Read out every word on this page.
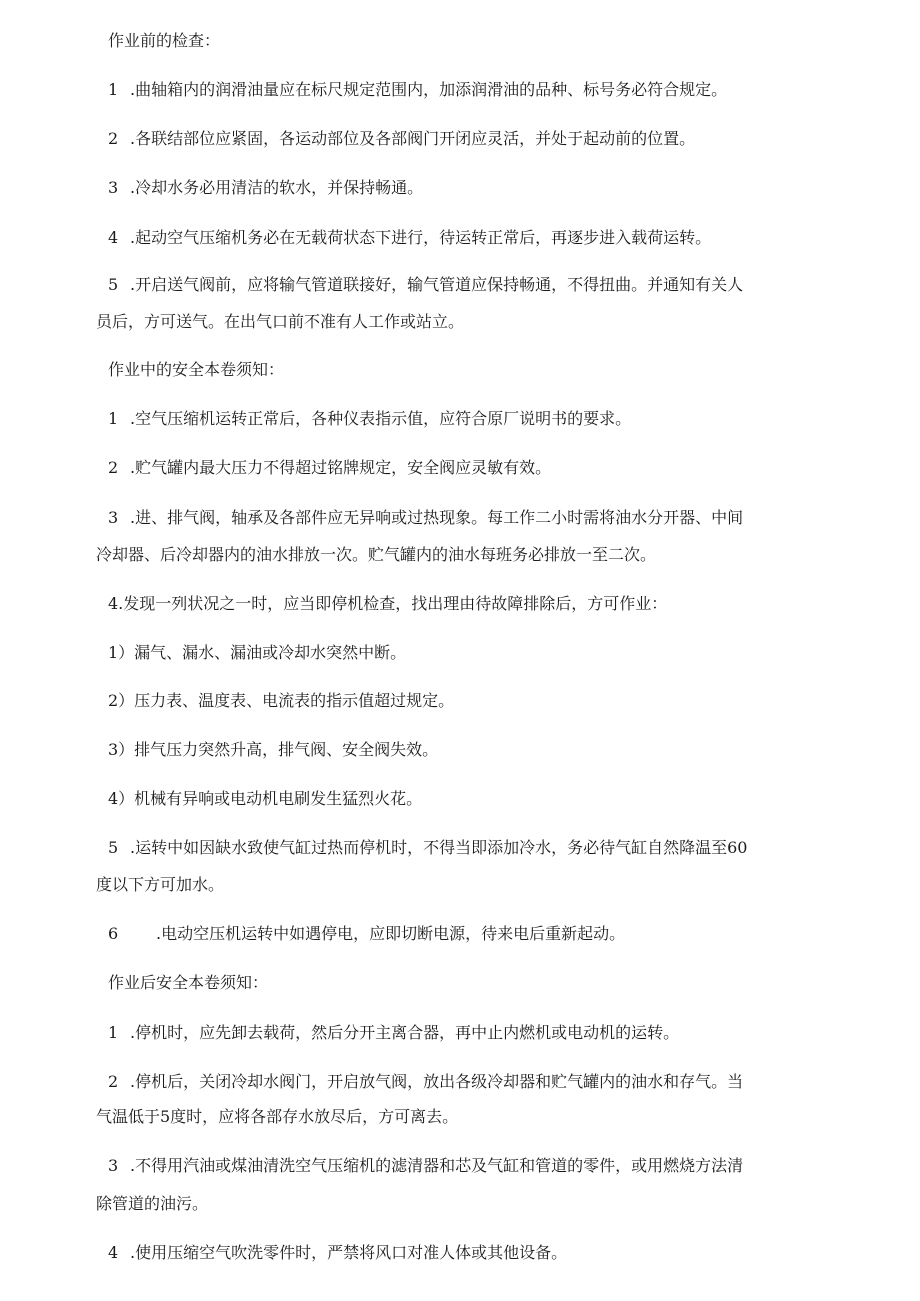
作业前的检查：
1 .曲轴箱内的润滑油量应在标尺规定范围内，加添润滑油的品种、标号务必符合规定。
2 .各联结部位应紧固，各运动部位及各部阀门开闭应灵活，并处于起动前的位置。
3 .冷却水务必用清洁的软水，并保持畅通。
4 .起动空气压缩机务必在无载荷状态下进行，待运转正常后，再逐步进入载荷运转。
5 .开启送气阀前，应将输气管道联接好，输气管道应保持畅通，不得扭曲。并通知有关人
员后，方可送气。在出气口前不准有人工作或站立。
作业中的安全本卷须知：
1 .空气压缩机运转正常后，各种仪表指示值，应符合原厂说明书的要求。
2 .贮气罐内最大压力不得超过铭牌规定，安全阀应灵敏有效。
3 .进、排气阀，轴承及各部件应无异响或过热现象。每工作二小时需将油水分开器、中间
冷却器、后冷却器内的油水排放一次。贮气罐内的油水每班务必排放一至二次。
4.发现一列状况之一时，应当即停机检查，找出理由待故障排除后，方可作业：
1）漏气、漏水、漏油或冷却水突然中断。
2）压力表、温度表、电流表的指示值超过规定。
3）排气压力突然升高，排气阀、安全阀失效。
4）机械有异响或电动机电刷发生猛烈火花。
5 .运转中如因缺水致使气缸过热而停机时，不得当即添加冷水，务必待气缸自然降温至60
度以下方可加水。
6 .电动空压机运转中如遇停电，应即切断电源，待来电后重新起动。
作业后安全本卷须知：
1 .停机时，应先卸去载荷，然后分开主离合器，再中止内燃机或电动机的运转。
2 .停机后，关闭冷却水阀门，开启放气阀，放出各级冷却器和贮气罐内的油水和存气。当
气温低于5度时，应将各部存水放尽后，方可离去。
3 .不得用汽油或煤油清洗空气压缩机的滤清器和芯及气缸和管道的零件，或用燃烧方法清
除管道的油污。
4 .使用压缩空气吹洗零件时，严禁将风口对准人体或其他设备。
